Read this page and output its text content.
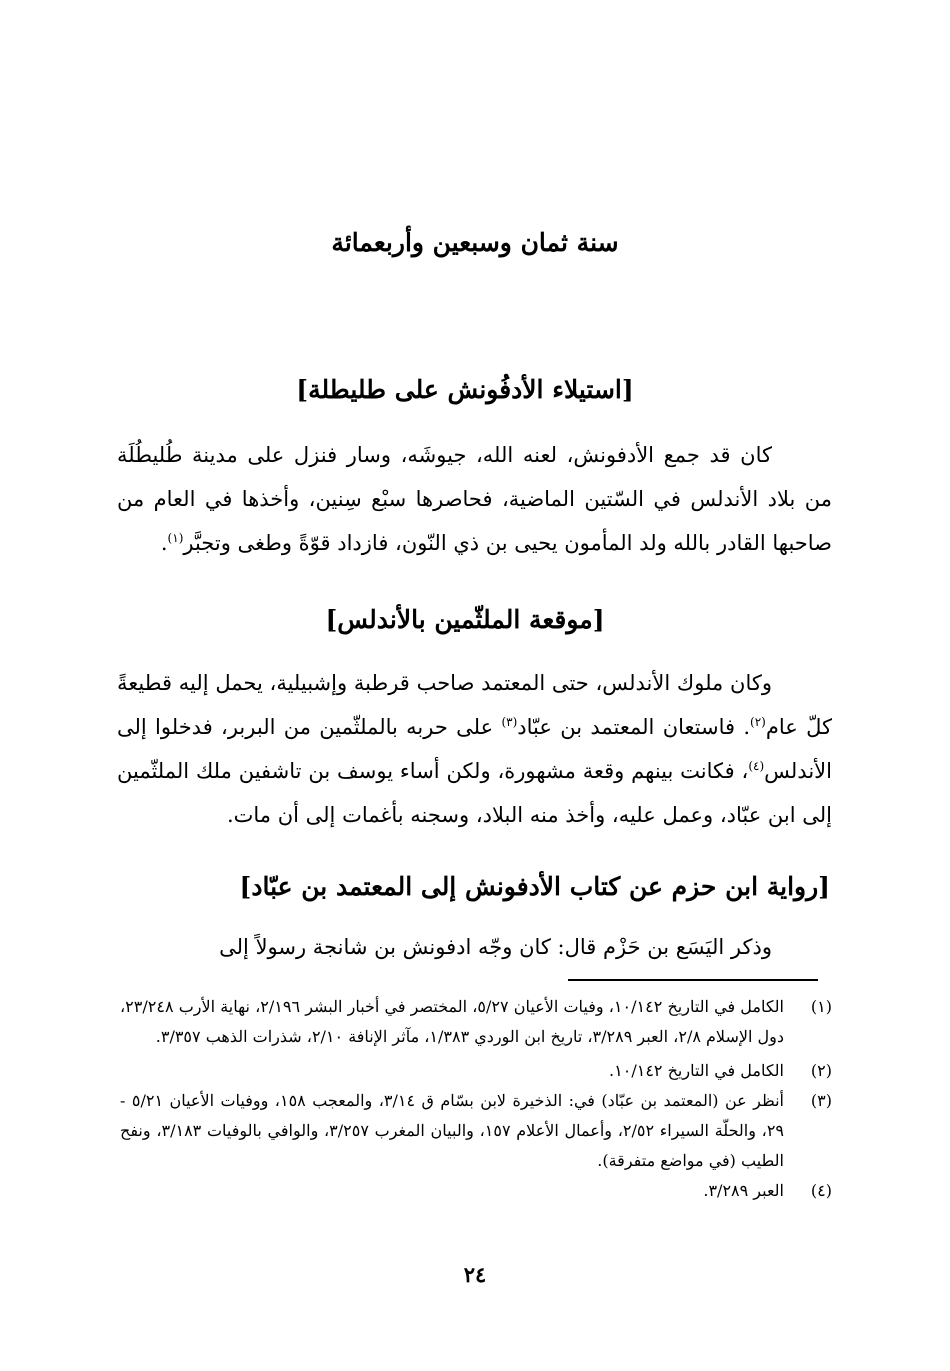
سنة ثمان وسبعين وأربعمائة
[استيلاء الأدفُونش على طليطلة]

كان قد جمع الأدفونش، لعنه الله، جيوشَه، وسار فنزل على مدينة طُليطُلَة من بلاد الأندلس في السّتين الماضية، فحاصرها سبْع سِنين، وأخذها في العام من صاحبها القادر بالله ولد المأمون يحيى بن ذي النّون، فازداد قوّةً وطغى وتجبَّر$^{(١)}$.

[موقعة الملثّمين بالأندلس]

وكان ملوك الأندلس، حتى المعتمد صاحب قرطبة وإشبيلية، يحمل إليه قطيعةً كلّ عام$^{(٢)}$. فاستعان المعتمد بن عبّاد$^{(٣)}$ على حربه بالملثّمين من البربر، فدخلوا إلى الأندلس$^{(٤)}$، فكانت بينهم وقعة مشهورة، ولكن أساء يوسف بن تاشفين ملك الملثّمين إلى ابن عبّاد، وعمل عليه، وأخذ منه البلاد، وسجنه بأغمات إلى أن مات.

[رواية ابن حزم عن كتاب الأدفونش إلى المعتمد بن عبّاد]

وذكر اليَسَع بن حَزْم قال: كان وجّه ادفونش بن شانجة رسولاً إلى

(١)
الكامل في التاريخ ١٠/١٤٢، وفيات الأعيان ٥/٢٧، المختصر في أخبار البشر ٢/١٩٦، نهاية الأرب ٢٣/٢٤٨، دول الإسلام ٢/٨، العبر ٣/٢٨٩، تاريخ ابن الوردي ١/٣٨٣، مآثر الإنافة ٢/١٠، شذرات الذهب ٣/٣٥٧.
(٢)
الكامل في التاريخ ١٠/١٤٢.
(٣)
أنظر عن (المعتمد بن عبّاد) في: الذخيرة لابن بسّام ق ٣/١٤، والمعجب ١٥٨، ووفيات الأعيان ٥/٢١ - ٢٩، والحلّة السيراء ٢/٥٢، وأعمال الأعلام ١٥٧، والبيان المغرب ٣/٢٥٧، والوافي بالوفيات ٣/١٨٣، ونفح الطيب (في مواضع متفرقة).
(٤)
العبر ٣/٢٨٩.
٢٤
